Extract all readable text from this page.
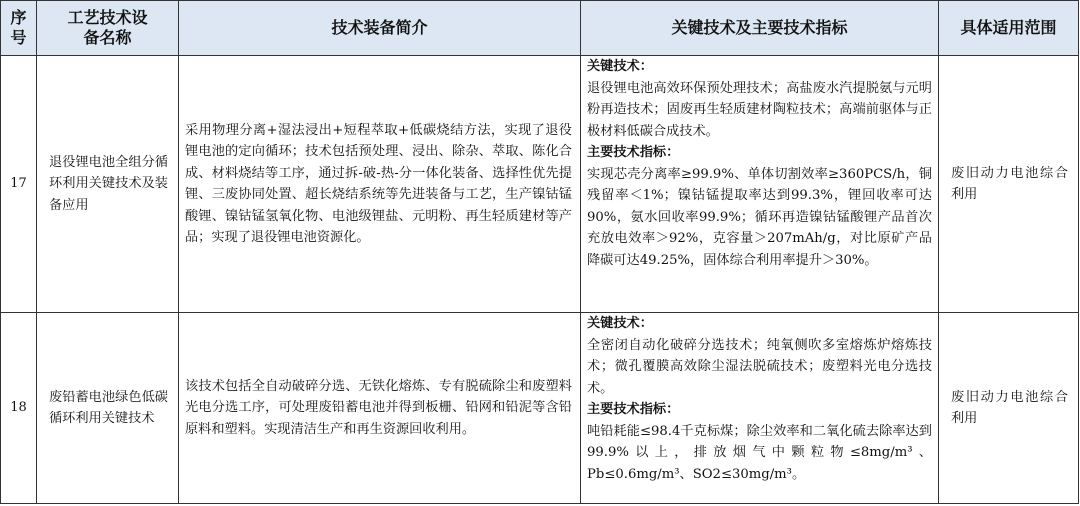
序号	工艺技术设备名称	技术装备简介	关键技术及主要技术指标	具体适用范围
17	退役锂电池全组分循环利用关键技术及装备应用	采用物理分离+湿法浸出+短程萃取+低碳烧结方法，实现了退役锂电池的定向循环；技术包括预处理、浸出、除杂、萃取、陈化合成、材料烧结等工序，通过拆-破-热-分一体化装备、选择性优先提锂、三废协同处置、超长烧结系统等先进装备与工艺，生产镍钴锰酸锂、镍钴锰氢氧化物、电池级锂盐、元明粉、再生轻质建材等产品；实现了退役锂电池资源化。	关键技术：
退役锂电池高效环保预处理技术；高盐废水汽提脱氨与元明粉再造技术；固废再生轻质建材陶粒技术；高端前驱体与正极材料低碳合成技术。
主要技术指标：
实现芯壳分离率≥99.9%、单体切割效率≥360PCS/h，铜残留率＜1%；镍钴锰提取率达到99.3%，锂回收率可达90%，氨水回收率99.9%；循环再造镍钴锰酸锂产品首次充放电效率＞92%，克容量＞207mAh/g，对比原矿产品降碳可达49.25%，固体综合利用率提升＞30%。	废旧动力电池综合利用
18	废铅蓄电池绿色低碳循环利用关键技术	该技术包括全自动破碎分选、无铁化熔炼、专有脱硫除尘和废塑料光电分选工序，可处理废铅蓄电池并得到板栅、铅网和铅泥等含铅原料和塑料。实现清洁生产和再生资源回收利用。	关键技术：
全密闭自动化破碎分选技术；纯氧侧吹多室熔炼炉熔炼技术；微孔覆膜高效除尘湿法脱硫技术；废塑料光电分选技术。
主要技术指标：
吨铅耗能≤98.4千克标煤；除尘效率和二氧化硫去除率达到99.9%以上，排放烟气中颗粒物≤8mg/m³、Pb≤0.6mg/m³、SO2≤30mg/m³。	废旧动力电池综合利用
